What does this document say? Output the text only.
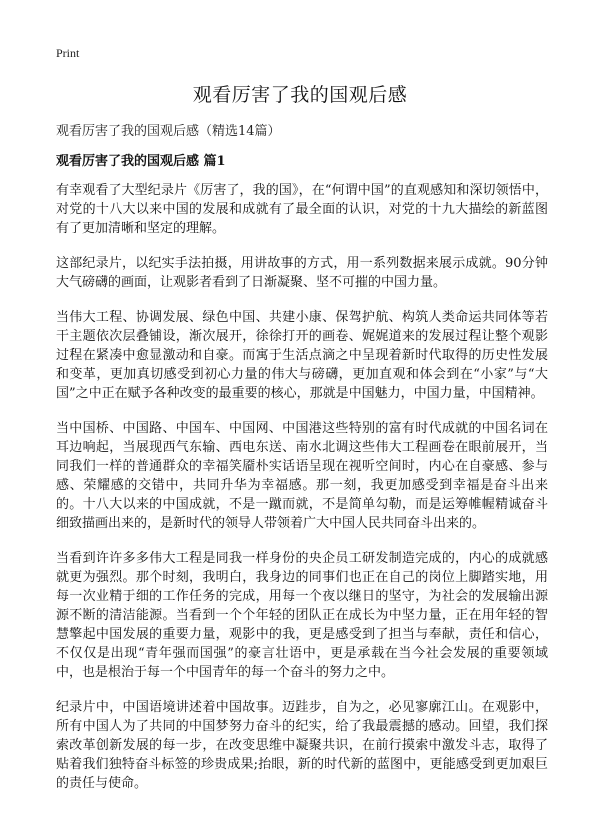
Print
观看厉害了我的国观后感
观看厉害了我的国观后感（精选14篇）
观看厉害了我的国观后感 篇1

有幸观看了大型纪录片《厉害了，我的国》，在“何谓中国”的直观感知和深切领悟中，对党的十八大以来中国的发展和成就有了最全面的认识，对党的十九大描绘的新蓝图有了更加清晰和坚定的理解。

这部纪录片，以纪实手法拍摄，用讲故事的方式，用一系列数据来展示成就。90分钟大气磅礴的画面，让观影者看到了日渐凝聚、坚不可摧的中国力量。

当伟大工程、协调发展、绿色中国、共建小康、保驾护航、构筑人类命运共同体等若干主题依次层叠铺设，渐次展开，徐徐打开的画卷、娓娓道来的发展过程让整个观影过程在紧凑中愈显激动和自豪。而寓于生活点滴之中呈现着新时代取得的历史性发展和变革，更加真切感受到初心力量的伟大与磅礴，更加直观和体会到在“小家”与“大国”之中正在赋予各种改变的最重要的核心，那就是中国魅力，中国力量，中国精神。

当中国桥、中国路、中国车、中国网、中国港这些特别的富有时代成就的中国名词在耳边响起，当展现西气东输、西电东送、南水北调这些伟大工程画卷在眼前展开，当同我们一样的普通群众的幸福笑靥朴实话语呈现在视听空间时，内心在自豪感、参与感、荣耀感的交错中，共同升华为幸福感。那一刻，我更加感受到幸福是奋斗出来的。十八大以来的中国成就，不是一蹴而就，不是简单勾勒，而是运筹帷幄精诚奋斗细致描画出来的，是新时代的领导人带领着广大中国人民共同奋斗出来的。

当看到许许多多伟大工程是同我一样身份的央企员工研发制造完成的，内心的成就感就更为强烈。那个时刻，我明白，我身边的同事们也正在自己的岗位上脚踏实地，用每一次业精于细的工作任务的完成，用每一个夜以继日的坚守，为社会的发展输出源源不断的清洁能源。当看到一个个年轻的团队正在成长为中坚力量，正在用年轻的智慧擎起中国发展的重要力量，观影中的我，更是感受到了担当与奉献，责任和信心，不仅仅是出现“青年强而国强”的豪言壮语中，更是承载在当今社会发展的重要领域中，也是根治于每一个中国青年的每一个奋斗的努力之中。

纪录片中，中国语境讲述着中国故事。迈跬步，自为之，必见寥廓江山。在观影中，所有中国人为了共同的中国梦努力奋斗的纪实，给了我最震撼的感动。回望，我们探索改革创新发展的每一步，在改变思维中凝聚共识，在前行摸索中激发斗志，取得了贴着我们独特奋斗标签的珍贵成果;抬眼，新的时代新的蓝图中，更能感受到更加艰巨的责任与使命。
